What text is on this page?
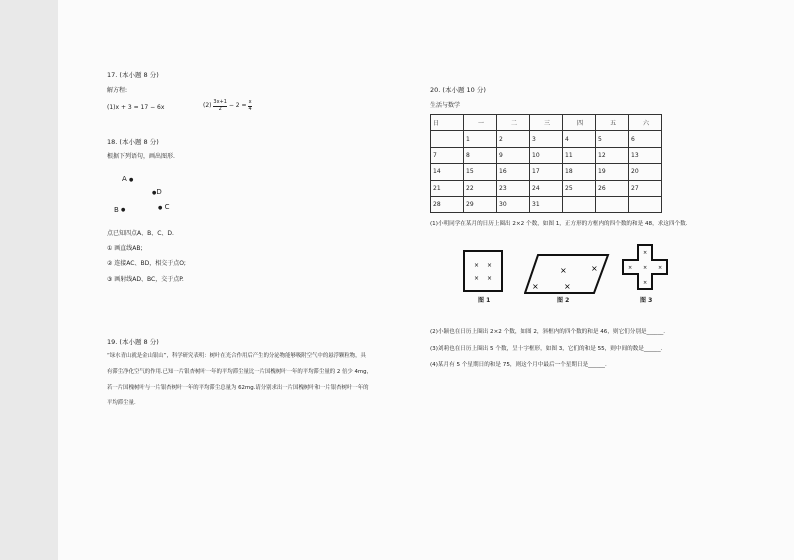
17. (本小题 8 分)
解方程:
(1)x + 3 = 17 − 6x	$(2) \frac{3x+1}{2} - 2 = \frac{x}{4}$
18. (本小题 8 分)
根据下列语句，画出图形.
A ●
●D
B ●	● C
点已知四点A、B、C、D.
① 画直线AB;
② 连接AC、BD，相交于点O;
③ 画射线AD、BC，交于点P.
19. (本小题 8 分)
“绿水青山就是金山银山”，科学研究表明：树叶在光合作用后产生的分泌物能够吸附空气中的悬浮颗粒物，具
有滞尘净化空气的作用.已知一片银杏树叶一年的平均滞尘量比一片国槐树叶一年的平均滞尘量的 2 倍少 4mg，
若一片国槐树叶与一片银杏树叶一年的平均滞尘总量为 62mg.请分别求出一片国槐树叶和一片银杏树叶一年的
平均滞尘量.
20. (本小题 10 分)
生活与数学
日	一	二	三	四	五	六
	1	2	3	4	5	6
7	8	9	10	11	12	13
14	15	16	17	18	19	20
21	22	23	24	25	26	27
28	29	30	31			
(1)小明同学在某月的日历上圈出 2×2 个数，如图 1，正方形的方框内的四个数的和是 48，求这四个数.
× ×
× ×
×	×
×	×
×
× × ×
×
图 1	图 2	图 3
(2)小颖也在日历上圈出 2×2 个数，如图 2，斜框内的四个数的和是 46，则它们分别是______.
(3)刘莉也在日历上圈出 5 个数，呈十字框形，如图 3，它们的和是 55，则中间的数是______.
(4)某月有 5 个星期日的和是 75，则这个月中最后一个星期日是______.
